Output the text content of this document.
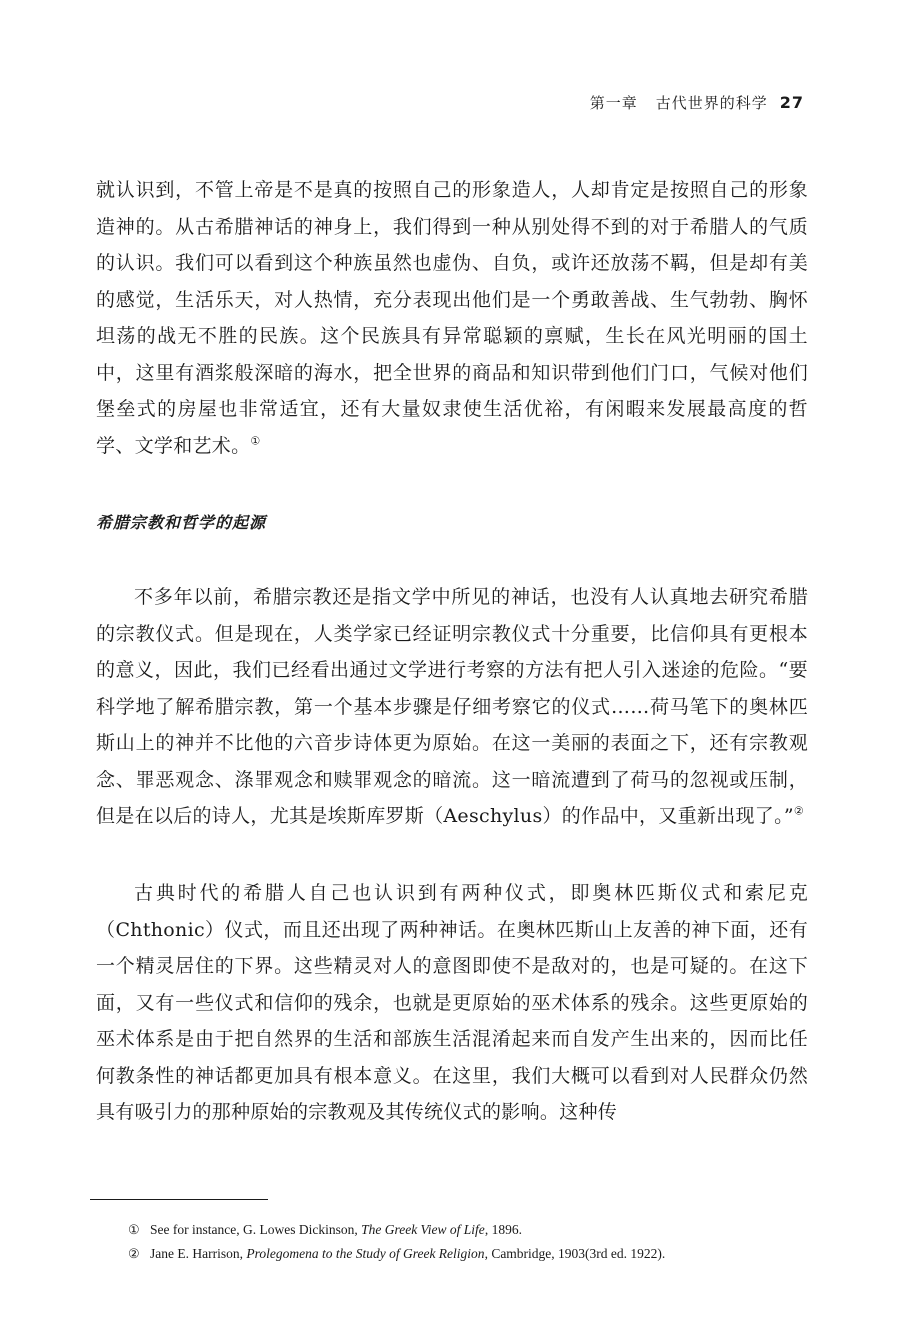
第一章 古代世界的科学 27
就认识到，不管上帝是不是真的按照自己的形象造人，人却肯定是按照自己的形象造神的。从古希腊神话的神身上，我们得到一种从别处得不到的对于希腊人的气质的认识。我们可以看到这个种族虽然也虚伪、自负，或许还放荡不羁，但是却有美的感觉，生活乐天，对人热情，充分表现出他们是一个勇敢善战、生气勃勃、胸怀坦荡的战无不胜的民族。这个民族具有异常聪颖的禀赋，生长在风光明丽的国土中，这里有酒浆般深暗的海水，把全世界的商品和知识带到他们门口，气候对他们堡垒式的房屋也非常适宜，还有大量奴隶使生活优裕，有闲暇来发展最高度的哲学、文学和艺术。①
希腊宗教和哲学的起源
不多年以前，希腊宗教还是指文学中所见的神话，也没有人认真地去研究希腊的宗教仪式。但是现在，人类学家已经证明宗教仪式十分重要，比信仰具有更根本的意义，因此，我们已经看出通过文学进行考察的方法有把人引入迷途的危险。“要科学地了解希腊宗教，第一个基本步骤是仔细考察它的仪式……荷马笔下的奥林匹斯山上的神并不比他的六音步诗体更为原始。在这一美丽的表面之下，还有宗教观念、罪恶观念、涤罪观念和赎罪观念的暗流。这一暗流遭到了荷马的忽视或压制，但是在以后的诗人，尤其是埃斯库罗斯（Aeschylus）的作品中，又重新出现了。”②
古典时代的希腊人自己也认识到有两种仪式，即奥林匹斯仪式和索尼克（Chthonic）仪式，而且还出现了两种神话。在奥林匹斯山上友善的神下面，还有一个精灵居住的下界。这些精灵对人的意图即使不是敌对的，也是可疑的。在这下面，又有一些仪式和信仰的残余，也就是更原始的巫术体系的残余。这些更原始的巫术体系是由于把自然界的生活和部族生活混淆起来而自发产生出来的，因而比任何教条性的神话都更加具有根本意义。在这里，我们大概可以看到对人民群众仍然具有吸引力的那种原始的宗教观及其传统仪式的影响。这种传
① See for instance, G. Lowes Dickinson, The Greek View of Life, 1896.
② Jane E. Harrison, Prolegomena to the Study of Greek Religion, Cambridge, 1903(3rd ed. 1922).
